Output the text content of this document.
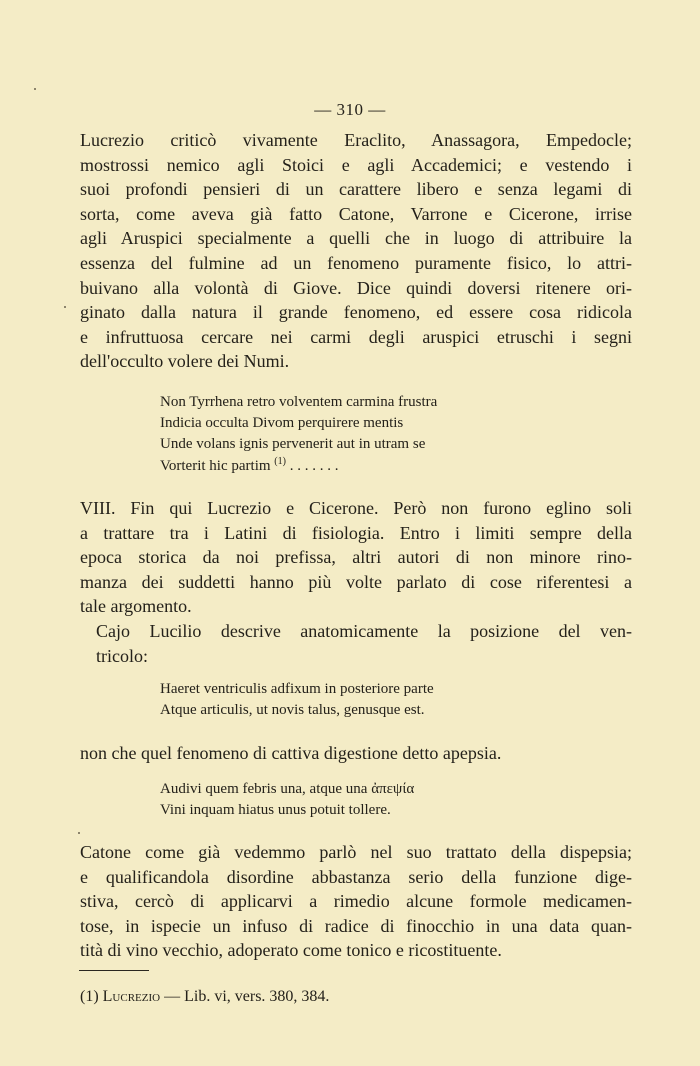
— 310 —
Lucrezio criticò vivamente Eraclito, Anassagora, Empedocle;
mostrossi nemico agli Stoici e agli Accademici; e vestendo i
suoi profondi pensieri di un carattere libero e senza legami di
sorta, come aveva già fatto Catone, Varrone e Cicerone, irrise
agli Aruspici specialmente a quelli che in luogo di attribuire la
essenza del fulmine ad un fenomeno puramente fisico, lo attri-
buivano alla volontà di Giove. Dice quindi doversi ritenere ori-
ginato dalla natura il grande fenomeno, ed essere cosa ridicola
e infruttuosa cercare nei carmi degli aruspici etruschi i segni
dell'occulto volere dei Numi.
Non Tyrrhena retro volventem carmina frustra
Indicia occulta Divom perquirere mentis
Unde volans ignis pervenerit aut in utram se
Vorterit hic partim $^{(1)}$ . . . . . . .
VIII. Fin qui Lucrezio e Cicerone. Però non furono eglino soli
a trattare tra i Latini di fisiologia. Entro i limiti sempre della
epoca storica da noi prefissa, altri autori di non minore rino-
manza dei suddetti hanno più volte parlato di cose riferentesi a
tale argomento.
Cajo Lucilio descrive anatomicamente la posizione del ven-
tricolo:
Haeret ventriculis adfixum in posteriore parte
Atque articulis, ut novis talus, genusque est.
non che quel fenomeno di cattiva digestione detto apepsia.
Audivi quem febris una, atque una ἀπεψία
Vini inquam hiatus unus potuit tollere.
Catone come già vedemmo parlò nel suo trattato della dispepsia;
e qualificandola disordine abbastanza serio della funzione dige-
stiva, cercò di applicarvi a rimedio alcune formole medicamen-
tose, in ispecie un infuso di radice di finocchio in una data quan-
tità di vino vecchio, adoperato come tonico e ricostituente.
(1) Lucrezio — Lib. vi, vers. 380, 384.
